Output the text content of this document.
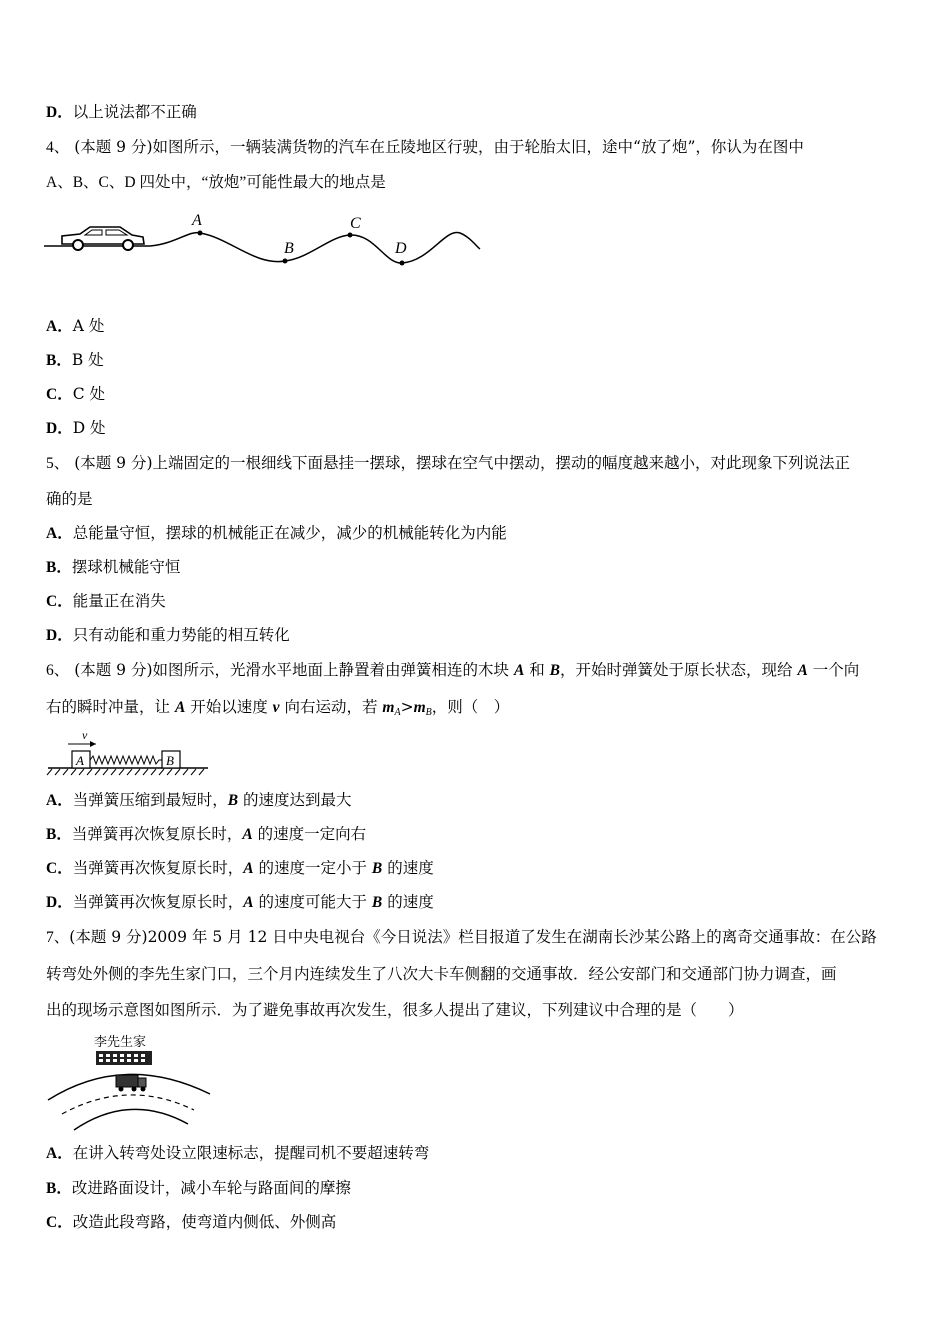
D．以上说法都不正确
4、 (本题 9 分)如图所示，一辆装满货物的汽车在丘陵地区行驶，由于轮胎太旧，途中“放了炮”，你认为在图中
A、B、C、D 四处中，“放炮”可能性最大的地点是
A
B
C
D
A．A 处
B．B 处
C．C 处
D．D 处
5、 (本题 9 分)上端固定的一根细线下面悬挂一摆球，摆球在空气中摆动，摆动的幅度越来越小，对此现象下列说法正
确的是
A．总能量守恒，摆球的机械能正在减少，减少的机械能转化为内能
B．摆球机械能守恒
C．能量正在消失
D．只有动能和重力势能的相互转化
6、 (本题 9 分)如图所示，光滑水平地面上静置着由弹簧相连的木块 A 和 B，开始时弹簧处于原长状态，现给 A 一个向
右的瞬时冲量，让 A 开始以速度 v 向右运动，若 $m_A>m_B$，则（　）
v
A	B
A．当弹簧压缩到最短时，B 的速度达到最大
B．当弹簧再次恢复原长时，A 的速度一定向右
C．当弹簧再次恢复原长时，A 的速度一定小于 B 的速度
D．当弹簧再次恢复原长时，A 的速度可能大于 B 的速度
7、(本题 9 分)2009 年 5 月 12 日中央电视台《今日说法》栏目报道了发生在湖南长沙某公路上的离奇交通事故：在公路
转弯处外侧的李先生家门口，三个月内连续发生了八次大卡车侧翻的交通事故．经公安部门和交通部门协力调查，画
出的现场示意图如图所示．为了避免事故再次发生，很多人提出了建议，下列建议中合理的是（　　）
李先生家
A．在讲入转弯处设立限速标志，提醒司机不要超速转弯
B．改进路面设计，减小车轮与路面间的摩擦
C．改造此段弯路，使弯道内侧低、外侧高
